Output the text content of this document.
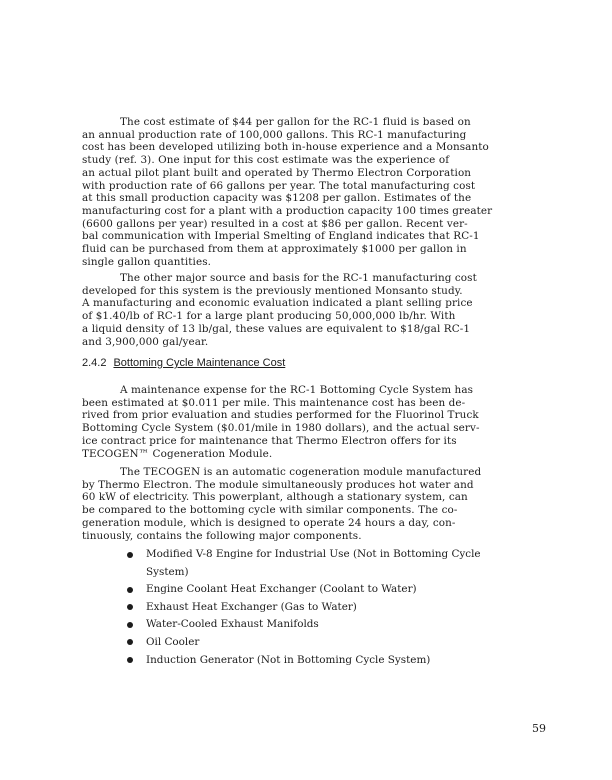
The cost estimate of $44 per gallon for the RC-1 fluid is based on
an annual production rate of 100,000 gallons. This RC-1 manufacturing
cost has been developed utilizing both in-house experience and a Monsanto
study (ref. 3). One input for this cost estimate was the experience of
an actual pilot plant built and operated by Thermo Electron Corporation
with production rate of 66 gallons per year. The total manufacturing cost
at this small production capacity was $1208 per gallon. Estimates of the
manufacturing cost for a plant with a production capacity 100 times greater
(6600 gallons per year) resulted in a cost at $86 per gallon. Recent ver-
bal communication with Imperial Smelting of England indicates that RC-1
fluid can be purchased from them at approximately $1000 per gallon in
single gallon quantities.

The other major source and basis for the RC-1 manufacturing cost
developed for this system is the previously mentioned Monsanto study.
A manufacturing and economic evaluation indicated a plant selling price
of $1.40/lb of RC-1 for a large plant producing 50,000,000 lb/hr. With
a liquid density of 13 lb/gal, these values are equivalent to $18/gal RC-1
and 3,900,000 gal/year.

2.4.2 Bottoming Cycle Maintenance Cost

A maintenance expense for the RC-1 Bottoming Cycle System has
been estimated at $0.011 per mile. This maintenance cost has been de-
rived from prior evaluation and studies performed for the Fluorinol Truck
Bottoming Cycle System ($0.01/mile in 1980 dollars), and the actual serv-
ice contract price for maintenance that Thermo Electron offers for its
TECOGEN™ Cogeneration Module.

The TECOGEN is an automatic cogeneration module manufactured
by Thermo Electron. The module simultaneously produces hot water and
60 kW of electricity. This powerplant, although a stationary system, can
be compared to the bottoming cycle with similar components. The co-
generation module, which is designed to operate 24 hours a day, con-
tinuously, contains the following major components.

Modified V-8 Engine for Industrial Use (Not in Bottoming Cycle
System)
Engine Coolant Heat Exchanger (Coolant to Water)
Exhaust Heat Exchanger (Gas to Water)
Water-Cooled Exhaust Manifolds
Oil Cooler
Induction Generator (Not in Bottoming Cycle System)
59
